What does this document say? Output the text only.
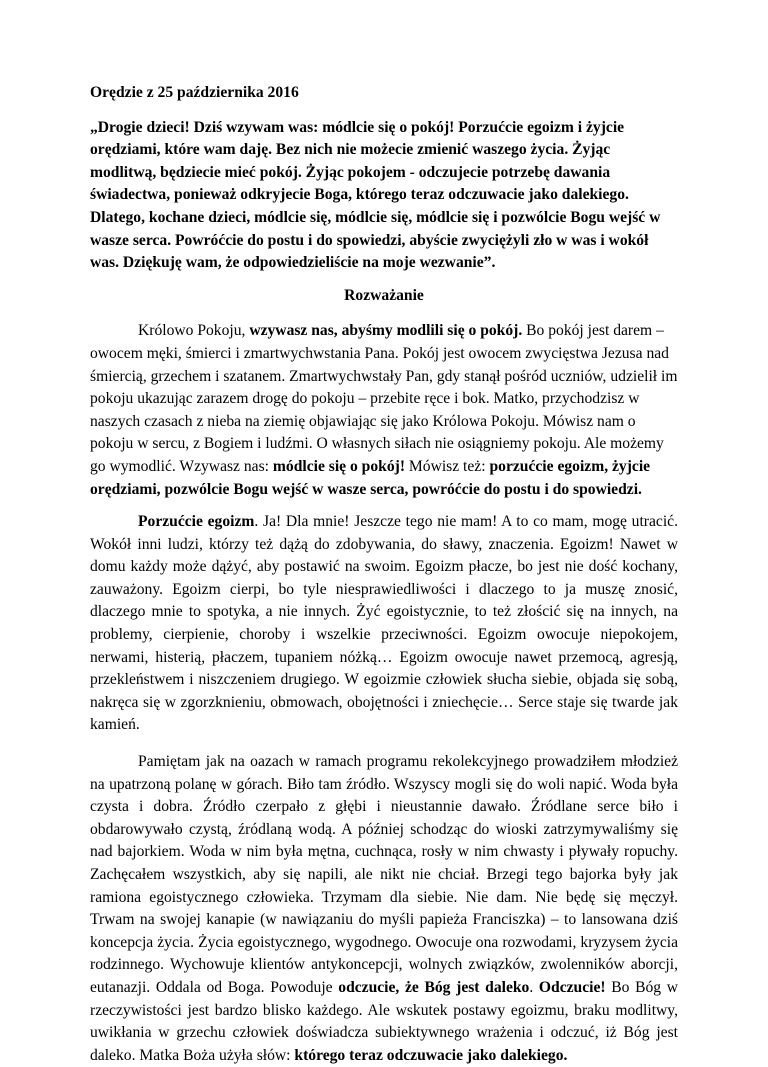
Orędzie z 25 października 2016

„Drogie dzieci! Dziś wzywam was: módlcie się o pokój! Porzućcie egoizm i żyjcie orędziami, które wam daję. Bez nich nie możecie zmienić waszego życia. Żyjąc modlitwą, będziecie mieć pokój. Żyjąc pokojem - odczujecie potrzebę dawania świadectwa, ponieważ odkryjecie Boga, którego teraz odczuwacie jako dalekiego. Dlatego, kochane dzieci, módlcie się, módlcie się, módlcie się i pozwólcie Bogu wejść w wasze serca. Powróćcie do postu i do spowiedzi, abyście zwyciężyli zło w was i wokół was. Dziękuję wam, że odpowiedzieliście na moje wezwanie”.

Rozważanie

Królowo Pokoju, wzywasz nas, abyśmy modlili się o pokój. Bo pokój jest darem – owocem męki, śmierci i zmartwychwstania Pana. Pokój jest owocem zwycięstwa Jezusa nad śmiercią, grzechem i szatanem. Zmartwychwstały Pan, gdy stanął pośród uczniów, udzielił im pokoju ukazując zarazem drogę do pokoju – przebite ręce i bok. Matko, przychodzisz w naszych czasach z nieba na ziemię objawiając się jako Królowa Pokoju. Mówisz nam o pokoju w sercu, z Bogiem i ludźmi. O własnych siłach nie osiągniemy pokoju. Ale możemy go wymodlić. Wzywasz nas: módlcie się o pokój! Mówisz też: porzućcie egoizm, żyjcie orędziami, pozwólcie Bogu wejść w wasze serca, powróćcie do postu i do spowiedzi.

Porzućcie egoizm. Ja! Dla mnie! Jeszcze tego nie mam! A to co mam, mogę utracić. Wokół inni ludzi, którzy też dążą do zdobywania, do sławy, znaczenia. Egoizm! Nawet w domu każdy może dążyć, aby postawić na swoim. Egoizm płacze, bo jest nie dość kochany, zauważony. Egoizm cierpi, bo tyle niesprawiedliwości i dlaczego to ja muszę znosić, dlaczego mnie to spotyka, a nie innych. Żyć egoistycznie, to też złościć się na innych, na problemy, cierpienie, choroby i wszelkie przeciwności. Egoizm owocuje niepokojem, nerwami, histerią, płaczem, tupaniem nóżką… Egoizm owocuje nawet przemocą, agresją, przekleństwem i niszczeniem drugiego. W egoizmie człowiek słucha siebie, objada się sobą, nakręca się w zgorzknieniu, obmowach, obojętności i zniechęcie… Serce staje się twarde jak kamień.

Pamiętam jak na oazach w ramach programu rekolekcyjnego prowadziłem młodzież na upatrzoną polanę w górach. Biło tam źródło. Wszyscy mogli się do woli napić. Woda była czysta i dobra. Źródło czerpało z głębi i nieustannie dawało. Źródlane serce biło i obdarowywało czystą, źródlaną wodą. A później schodząc do wioski zatrzymywaliśmy się nad bajorkiem. Woda w nim była mętna, cuchnąca, rosły w nim chwasty i pływały ropuchy. Zachęcałem wszystkich, aby się napili, ale nikt nie chciał. Brzegi tego bajorka były jak ramiona egoistycznego człowieka. Trzymam dla siebie. Nie dam. Nie będę się męczył. Trwam na swojej kanapie (w nawiązaniu do myśli papieża Franciszka) – to lansowana dziś koncepcja życia. Życia egoistycznego, wygodnego. Owocuje ona rozwodami, kryzysem życia rodzinnego. Wychowuje klientów antykoncepcji, wolnych związków, zwolenników aborcji, eutanazji. Oddala od Boga. Powoduje odczucie, że Bóg jest daleko. Odczucie! Bo Bóg w rzeczywistości jest bardzo blisko każdego. Ale wskutek postawy egoizmu, braku modlitwy, uwikłania w grzechu człowiek doświadcza subiektywnego wrażenia i odczuć, iż Bóg jest daleko. Matka Boża użyła słów: którego teraz odczuwacie jako dalekiego.
